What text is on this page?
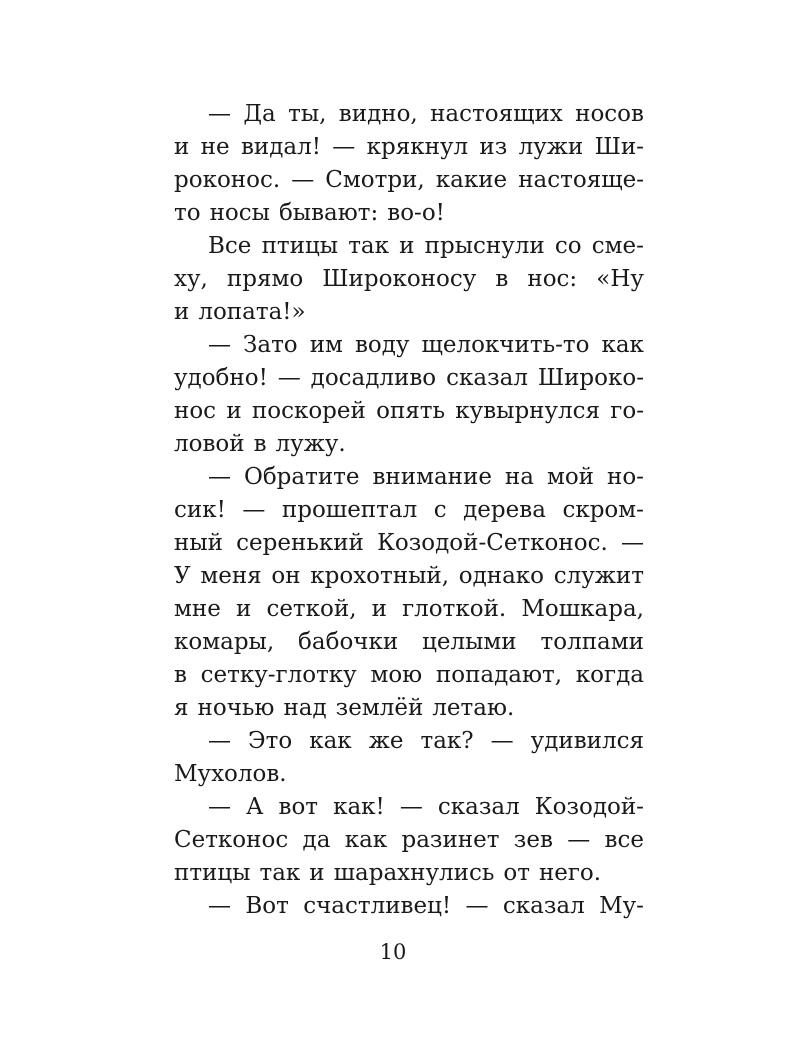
— Да ты, видно, настоящих носов
и не видал! — крякнул из лужи Ши-
роконос. — Смотри, какие настояще-
то носы бывают: во-о!
Все птицы так и прыснули со сме-
ху, прямо Широконосу в нос: «Ну
и лопата!»
— Зато им воду щелокчить-то как
удобно! — досадливо сказал Широко-
нос и поскорей опять кувырнулся го-
ловой в лужу.
— Обратите внимание на мой но-
сик! — прошептал с дерева скром-
ный серенький Козодой-Сетконос. —
У меня он крохотный, однако служит
мне и сеткой, и глоткой. Мошкара,
комары, бабочки целыми толпами
в сетку-глотку мою попадают, когда
я ночью над землёй летаю.
— Это как же так? — удивился
Мухолов.
— А вот как! — сказал Козодой-
Сетконос да как разинет зев — все
птицы так и шарахнулись от него.
— Вот счастливец! — сказал Му-
10
